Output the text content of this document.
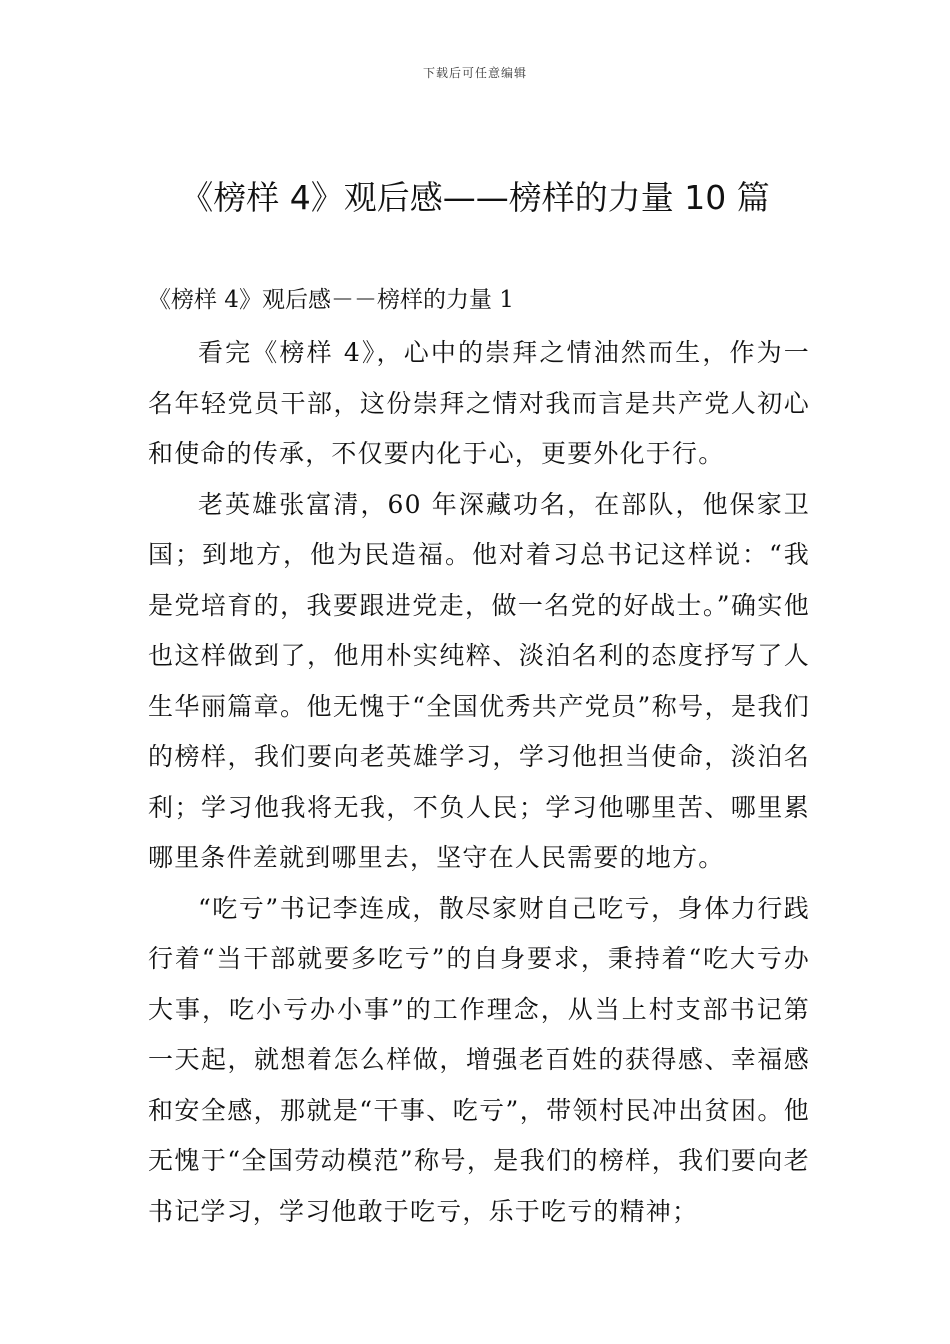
下载后可任意编辑
《榜样 4》观后感——榜样的力量 10 篇
《榜样 4》观后感－－榜样的力量 1

看完《榜样 4》，心中的崇拜之情油然而生，作为一名年轻党员干部，这份崇拜之情对我而言是共产党人初心和使命的传承，不仅要内化于心，更要外化于行。

老英雄张富清，60 年深藏功名，在部队，他保家卫国；到地方，他为民造福。他对着习总书记这样说：“我是党培育的，我要跟进党走，做一名党的好战士。”确实他也这样做到了，他用朴实纯粹、淡泊名利的态度抒写了人生华丽篇章。他无愧于“全国优秀共产党员”称号，是我们的榜样，我们要向老英雄学习，学习他担当使命，淡泊名利；学习他我将无我，不负人民；学习他哪里苦、哪里累哪里条件差就到哪里去，坚守在人民需要的地方。

“吃亏”书记李连成，散尽家财自己吃亏，身体力行践行着“当干部就要多吃亏”的自身要求，秉持着“吃大亏办大事，吃小亏办小事”的工作理念，从当上村支部书记第一天起，就想着怎么样做，增强老百姓的获得感、幸福感和安全感，那就是“干事、吃亏”，带领村民冲出贫困。他无愧于“全国劳动模范”称号，是我们的榜样，我们要向老书记学习，学习他敢于吃亏，乐于吃亏的精神；
